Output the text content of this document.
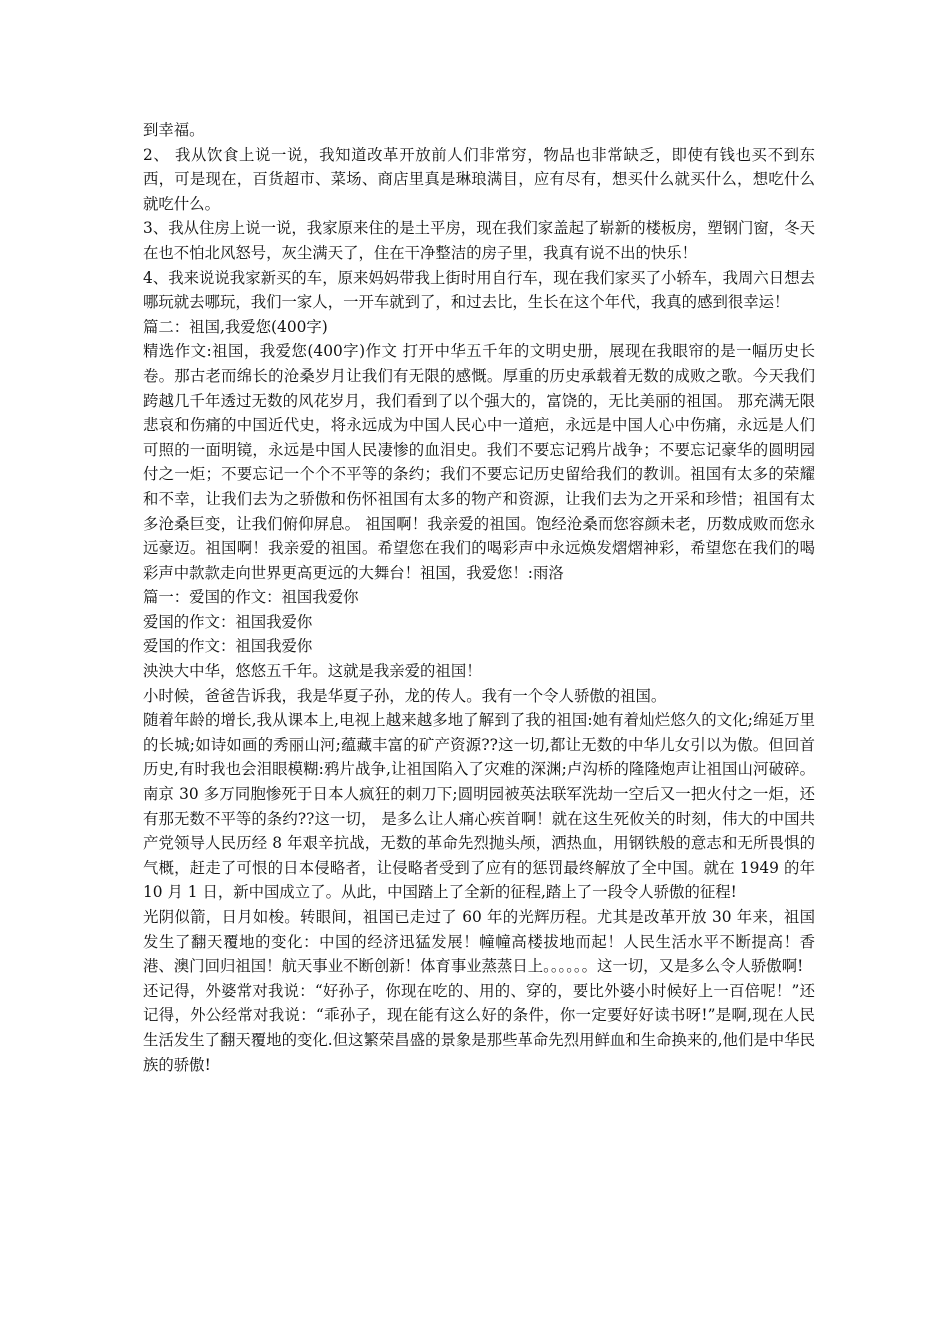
到幸福。

2、 我从饮食上说一说，我知道改革开放前人们非常穷，物品也非常缺乏，即使有钱也买不到东西，可是现在，百货超市、菜场、商店里真是琳琅满目，应有尽有，想买什么就买什么，想吃什么就吃什么。

3、我从住房上说一说，我家原来住的是土平房，现在我们家盖起了崭新的楼板房，塑钢门窗，冬天在也不怕北风怒号，灰尘满天了，住在干净整洁的房子里，我真有说不出的快乐！

4、我来说说我家新买的车，原来妈妈带我上街时用自行车，现在我们家买了小轿车，我周六日想去哪玩就去哪玩，我们一家人，一开车就到了，和过去比，生长在这个年代，我真的感到很幸运！

篇二：祖国,我爱您(400字)

精选作文:祖国，我爱您(400字)作文 打开中华五千年的文明史册，展现在我眼帘的是一幅历史长卷。那古老而绵长的沧桑岁月让我们有无限的感慨。厚重的历史承载着无数的成败之歌。今天我们跨越几千年透过无数的风花岁月，我们看到了以个强大的，富饶的，无比美丽的祖国。 那充满无限悲哀和伤痛的中国近代史，将永远成为中国人民心中一道疤，永远是中国人心中伤痛，永远是人们可照的一面明镜，永远是中国人民凄惨的血泪史。我们不要忘记鸦片战争；不要忘记豪华的圆明园付之一炬；不要忘记一个个不平等的条约；我们不要忘记历史留给我们的教训。祖国有太多的荣耀和不幸，让我们去为之骄傲和伤怀祖国有太多的物产和资源，让我们去为之开采和珍惜；祖国有太多沧桑巨变，让我们俯仰屏息。 祖国啊！我亲爱的祖国。饱经沧桑而您容颜未老，历数成败而您永远豪迈。祖国啊！我亲爱的祖国。希望您在我们的喝彩声中永远焕发熠熠神彩，希望您在我们的喝彩声中款款走向世界更高更远的大舞台！祖国，我爱您！:雨洛

篇一：爱国的作文：祖国我爱你

爱国的作文：祖国我爱你

爱国的作文：祖国我爱你

泱泱大中华，悠悠五千年。这就是我亲爱的祖国！

小时候，爸爸告诉我，我是华夏子孙，龙的传人。我有一个令人骄傲的祖国。

随着年龄的增长,我从课本上,电视上越来越多地了解到了我的祖国:她有着灿烂悠久的文化;绵延万里的长城;如诗如画的秀丽山河;蕴藏丰富的矿产资源??这一切,都让无数的中华儿女引以为傲。但回首历史,有时我也会泪眼模糊:鸦片战争,让祖国陷入了灾难的深渊;卢沟桥的隆隆炮声让祖国山河破碎。南京 30 多万同胞惨死于日本人疯狂的刺刀下;圆明园被英法联军洗劫一空后又一把火付之一炬，还有那无数不平等的条约??这一切， 是多么让人痛心疾首啊！就在这生死攸关的时刻，伟大的中国共产党领导人民历经 8 年艰辛抗战，无数的革命先烈抛头颅，洒热血，用钢铁般的意志和无所畏惧的气概，赶走了可恨的日本侵略者，让侵略者受到了应有的惩罚最终解放了全中国。就在 1949 的年 10 月 1 日，新中国成立了。从此，中国踏上了全新的征程,踏上了一段令人骄傲的征程!

光阴似箭，日月如梭。转眼间，祖国已走过了 60 年的光辉历程。尤其是改革开放 30 年来，祖国发生了翻天覆地的变化：中国的经济迅猛发展！幢幢高楼拔地而起！人民生活水平不断提高！香港、澳门回归祖国！航天事业不断创新！体育事业蒸蒸日上。。。。。。这一切，又是多么令人骄傲啊!

还记得，外婆常对我说：“好孙子，你现在吃的、用的、穿的，要比外婆小时候好上一百倍呢！”还记得，外公经常对我说：“乖孙子，现在能有这么好的条件，你一定要好好读书呀!”是啊,现在人民生活发生了翻天覆地的变化.但这繁荣昌盛的景象是那些革命先烈用鲜血和生命换来的,他们是中华民族的骄傲!
